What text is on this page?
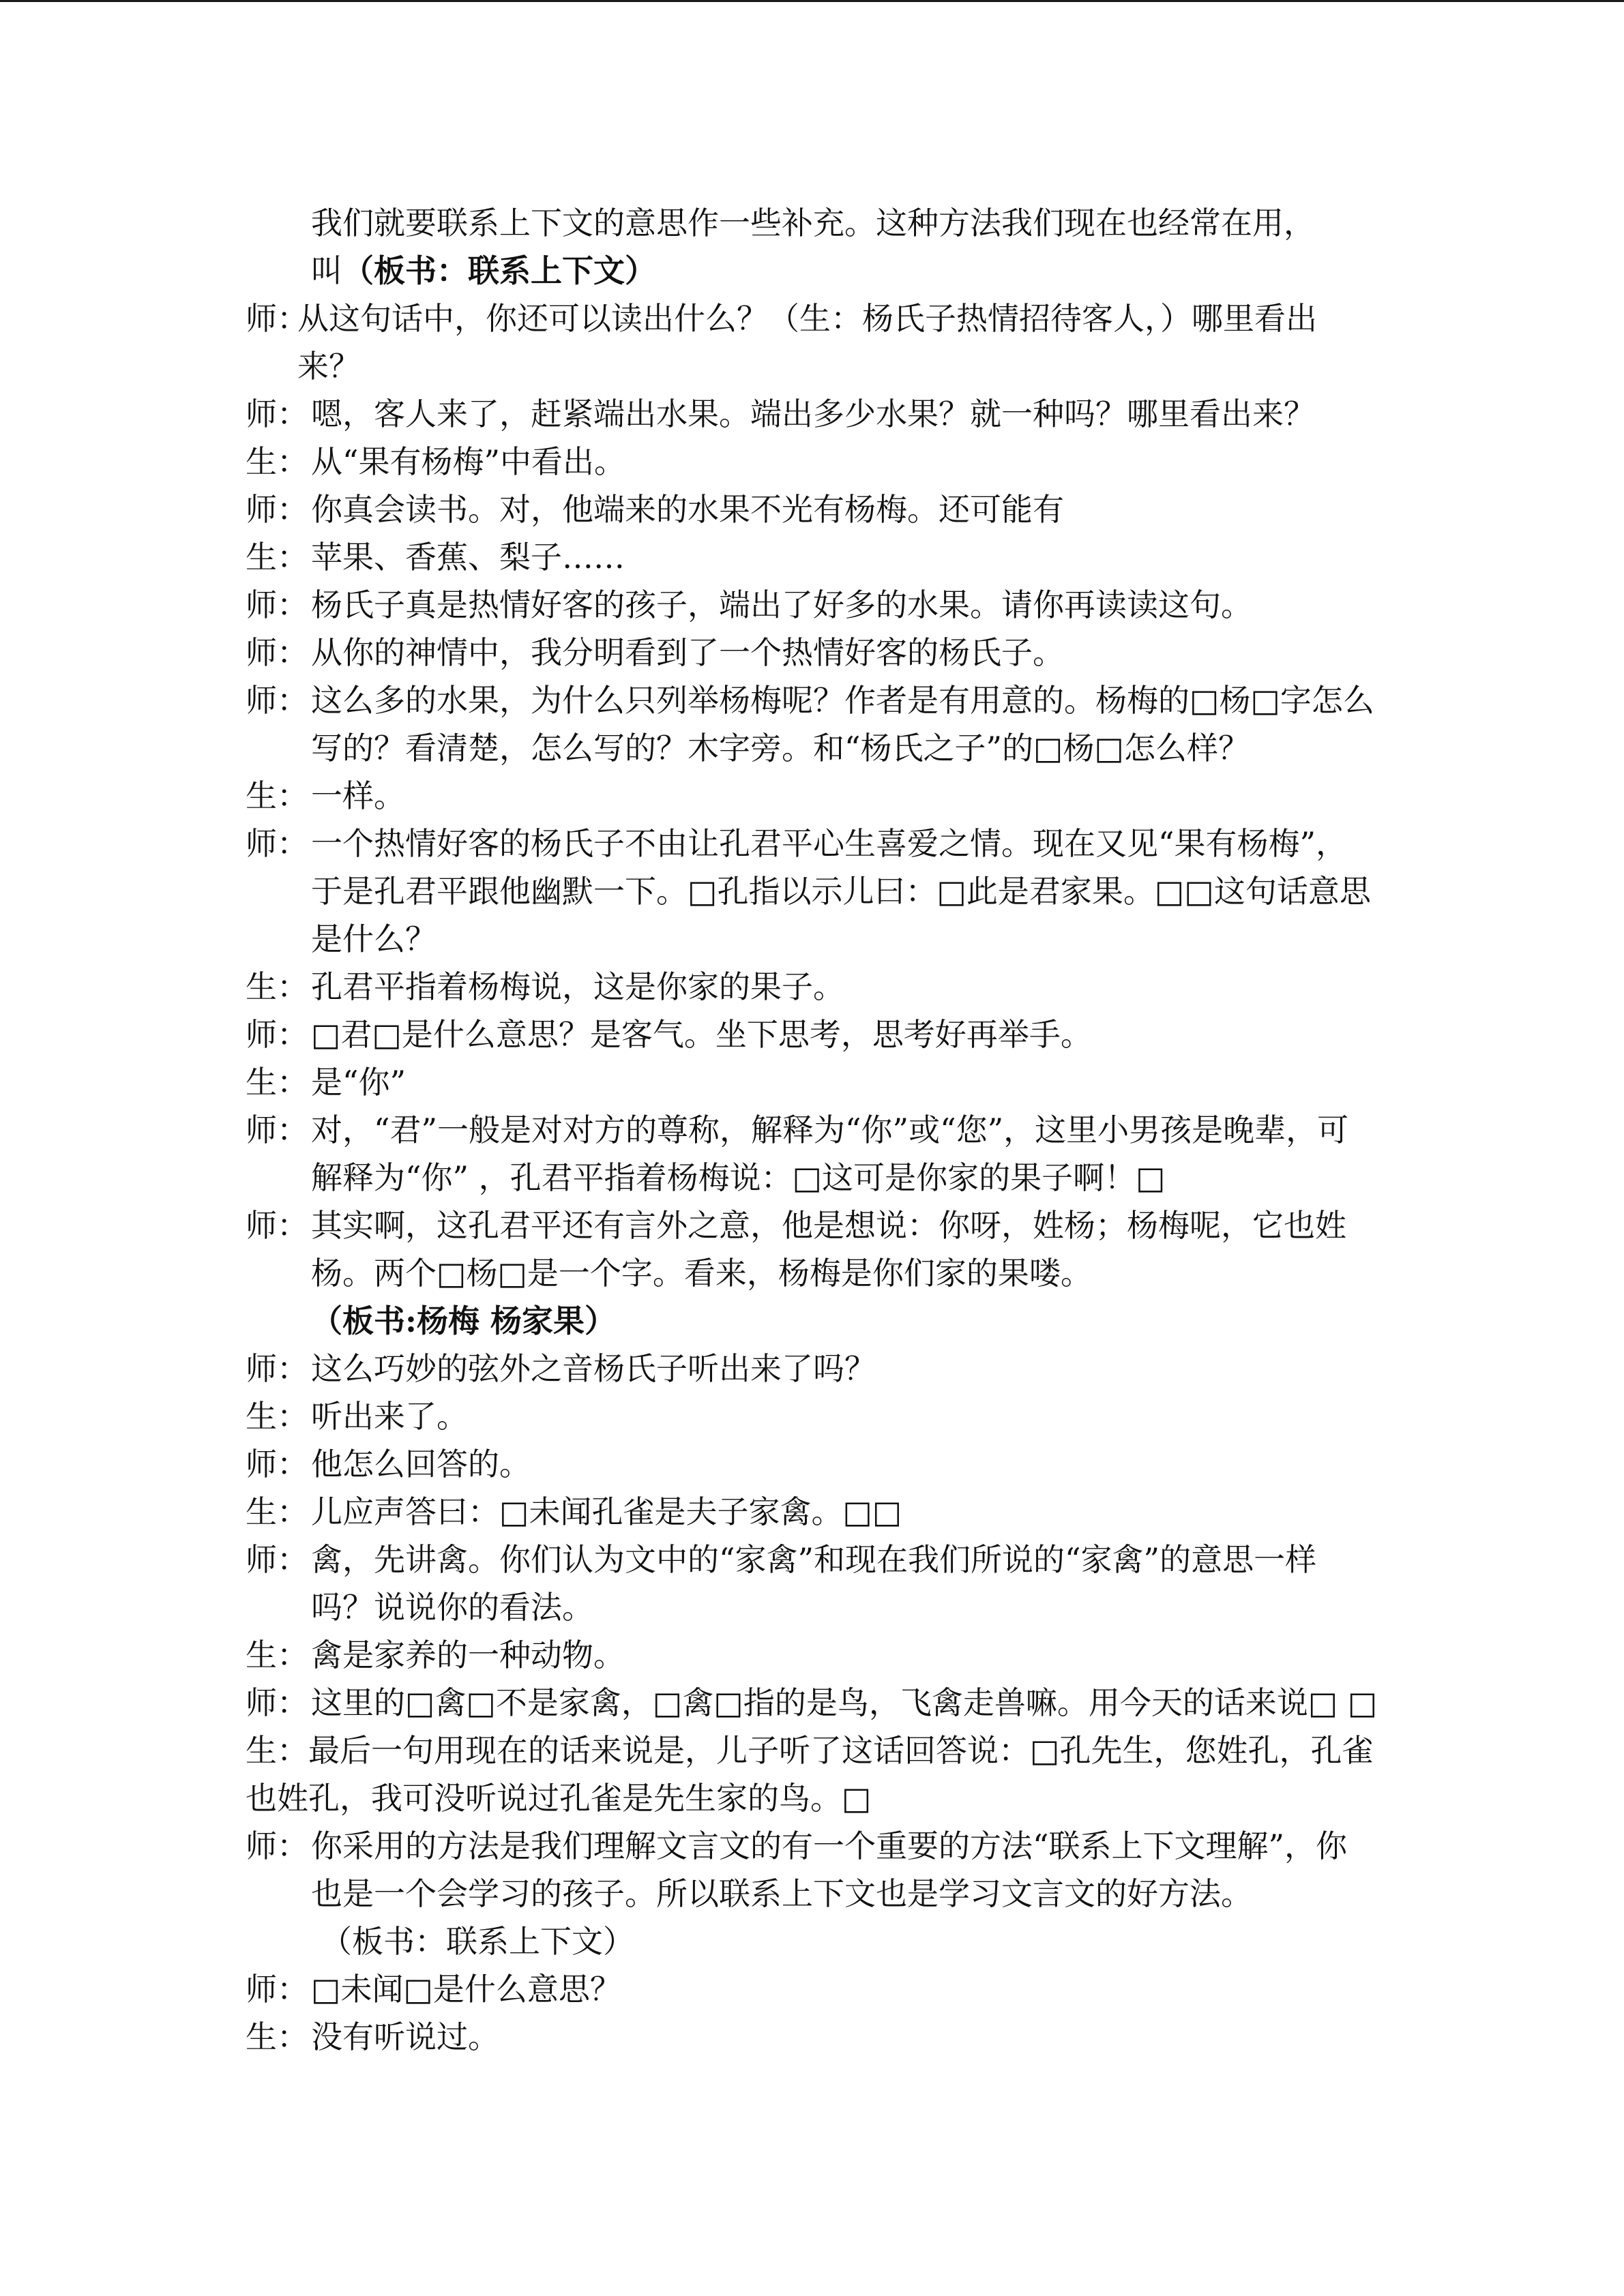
我们就要联系上下文的意思作一些补充。这种方法我们现在也经常在用，
叫（板书：联系上下文）
师：
从这句话中，你还可以读出什么？（生：杨氏子热情招待客人，）哪里看出 来？
师： 嗯，客人来了，赶紧端出水果。端出多少水果？就一种吗？哪里看出来？
生： 从“果有杨梅”中看出。
师： 你真会读书。对，他端来的水果不光有杨梅。还可能有
生： 苹果、香蕉、梨子……
师： 杨氏子真是热情好客的孩子，端出了好多的水果。请你再读读这句。
师： 从你的神情中，我分明看到了一个热情好客的杨氏子。
师： 这么多的水果，为什么只列举杨梅呢？作者是有用意的。杨梅的□杨□字怎么写的？看清楚，怎么写的？木字旁。和“杨氏之子”的□杨□怎么样？
生： 一样。
师： 一个热情好客的杨氏子不由让孔君平心生喜爱之情。现在又见“果有杨梅”，于是孔君平跟他幽默一下。□孔指以示儿曰：□此是君家果。□□这句话意思是什么？
生： 孔君平指着杨梅说，这是你家的果子。
师： □君□是什么意思？是客气。坐下思考，思考好再举手。
生： 是“你”
师： 对，“君”一般是对对方的尊称，解释为“你”或“您”，这里小男孩是晚辈，可解释为“你” ，孔君平指着杨梅说：□这可是你家的果子啊！□
师： 其实啊，这孔君平还有言外之意，他是想说：你呀，姓杨；杨梅呢，它也姓杨。两个□杨□是一个字。看来，杨梅是你们家的果喽。（板书:杨梅 杨家果）
师： 这么巧妙的弦外之音杨氏子听出来了吗？
生： 听出来了。
师： 他怎么回答的。
生： 儿应声答曰：□未闻孔雀是夫子家禽。□□
师： 禽，先讲禽。你们认为文中的“家禽”和现在我们所说的“家禽”的意思一样吗？说说你的看法。
生： 禽是家养的一种动物。
师： 这里的□禽□不是家禽，□禽□指的是鸟，飞禽走兽嘛。用今天的话来说□ □
生：最后一句用现在的话来说是，儿子听了这话回答说：□孔先生，您姓孔，孔雀也姓孔，我可没听说过孔雀是先生家的鸟。□
师： 你采用的方法是我们理解文言文的有一个重要的方法“联系上下文理解”，你也是一个会学习的孩子。所以联系上下文也是学习文言文的好方法。
（板书：联系上下文）
师： □未闻□是什么意思？
生： 没有听说过。
